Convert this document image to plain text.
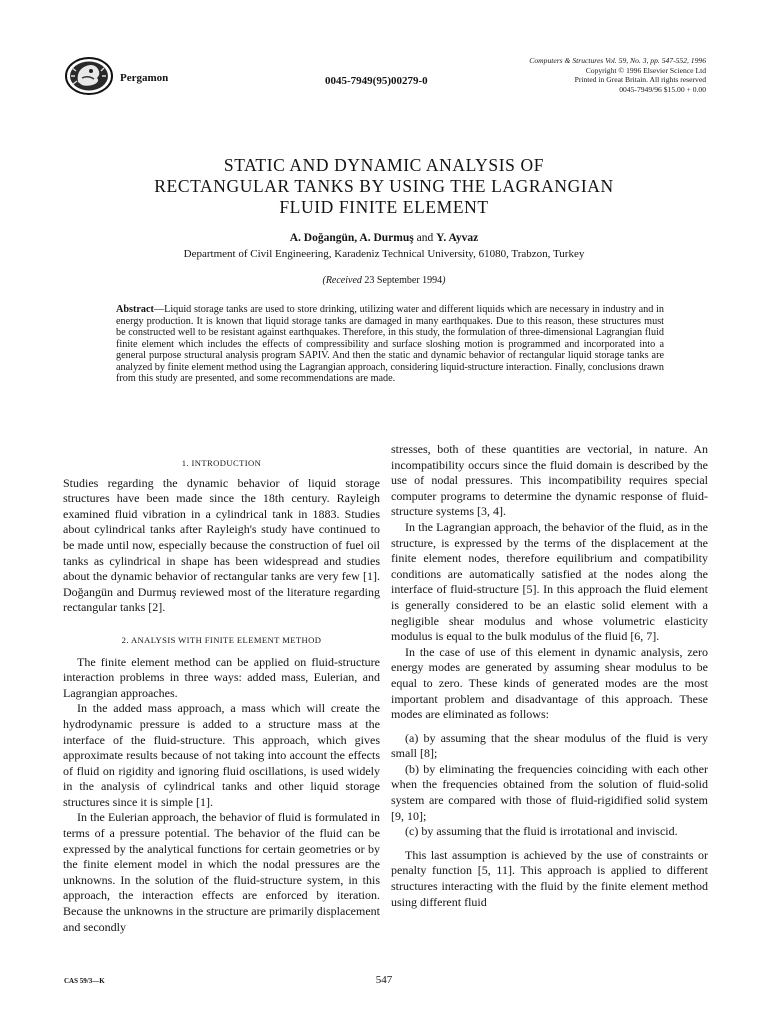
Pergamon	0045-7949(95)00279-0
Computers & Structures Vol. 59, No. 3, pp. 547-552, 1996
Copyright © 1996 Elsevier Science Ltd
Printed in Great Britain. All rights reserved
0045-7949/96 $15.00 + 0.00
STATIC AND DYNAMIC ANALYSIS OF
RECTANGULAR TANKS BY USING THE LAGRANGIAN
FLUID FINITE ELEMENT
A. Doğangün, A. Durmuş and Y. Ayvaz
Department of Civil Engineering, Karadeniz Technical University, 61080, Trabzon, Turkey
(Received 23 September 1994)
Abstract—Liquid storage tanks are used to store drinking, utilizing water and different liquids which are necessary in industry and in energy production. It is known that liquid storage tanks are damaged in many earthquakes. Due to this reason, these structures must be constructed well to be resistant against earthquakes. Therefore, in this study, the formulation of three-dimensional Lagrangian fluid finite element which includes the effects of compressibility and surface sloshing motion is programmed and incorporated into a general purpose structural analysis program SAPIV. And then the static and dynamic behavior of rectangular liquid storage tanks are analyzed by finite element method using the Lagrangian approach, considering liquid-structure interaction. Finally, conclusions drawn from this study are presented, and some recommendations are made.
1. INTRODUCTION

Studies regarding the dynamic behavior of liquid storage structures have been made since the 18th century. Rayleigh examined fluid vibration in a cylindrical tank in 1883. Studies about cylindrical tanks after Rayleigh's study have continued to be made until now, especially because the construction of fuel oil tanks as cylindrical in shape has been widespread and studies about the dynamic behavior of rectangular tanks are very few [1]. Doğangün and Durmuş reviewed most of the literature regarding rectangular tanks [2].

2. ANALYSIS WITH FINITE ELEMENT METHOD

The finite element method can be applied on fluid-structure interaction problems in three ways: added mass, Eulerian, and Lagrangian approaches.

In the added mass approach, a mass which will create the hydrodynamic pressure is added to a structure mass at the interface of the fluid-structure. This approach, which gives approximate results because of not taking into account the effects of fluid on rigidity and ignoring fluid oscillations, is used widely in the analysis of cylindrical tanks and other liquid storage structures since it is simple [1].

In the Eulerian approach, the behavior of fluid is formulated in terms of a pressure potential. The behavior of the fluid can be expressed by the analytical functions for certain geometries or by the finite element model in which the nodal pressures are the unknowns. In the solution of the fluid-structure system, in this approach, the interaction effects are enforced by iteration. Because the unknowns in the structure are primarily displacement and secondly

stresses, both of these quantities are vectorial, in nature. An incompatibility occurs since the fluid domain is described by the use of nodal pressures. This incompatibility requires special computer programs to determine the dynamic response of fluid-structure systems [3, 4].

In the Lagrangian approach, the behavior of the fluid, as in the structure, is expressed by the terms of the displacement at the finite element nodes, therefore equilibrium and compatibility conditions are automatically satisfied at the nodes along the interface of fluid-structure [5]. In this approach the fluid element is generally considered to be an elastic solid element with a negligible shear modulus and whose volumetric elasticity modulus is equal to the bulk modulus of the fluid [6, 7].

In the case of use of this element in dynamic analysis, zero energy modes are generated by assuming shear modulus to be equal to zero. These kinds of generated modes are the most important problem and disadvantage of this approach. These modes are eliminated as follows:

(a) by assuming that the shear modulus of the fluid is very small [8];

(b) by eliminating the frequencies coinciding with each other when the frequencies obtained from the solution of fluid-solid system are compared with those of fluid-rigidified solid system [9, 10];

(c) by assuming that the fluid is irrotational and inviscid.

This last assumption is achieved by the use of constraints or penalty function [5, 11]. This approach is applied to different structures interacting with the fluid by the finite element method using different fluid

CAS 59/3—K	547
